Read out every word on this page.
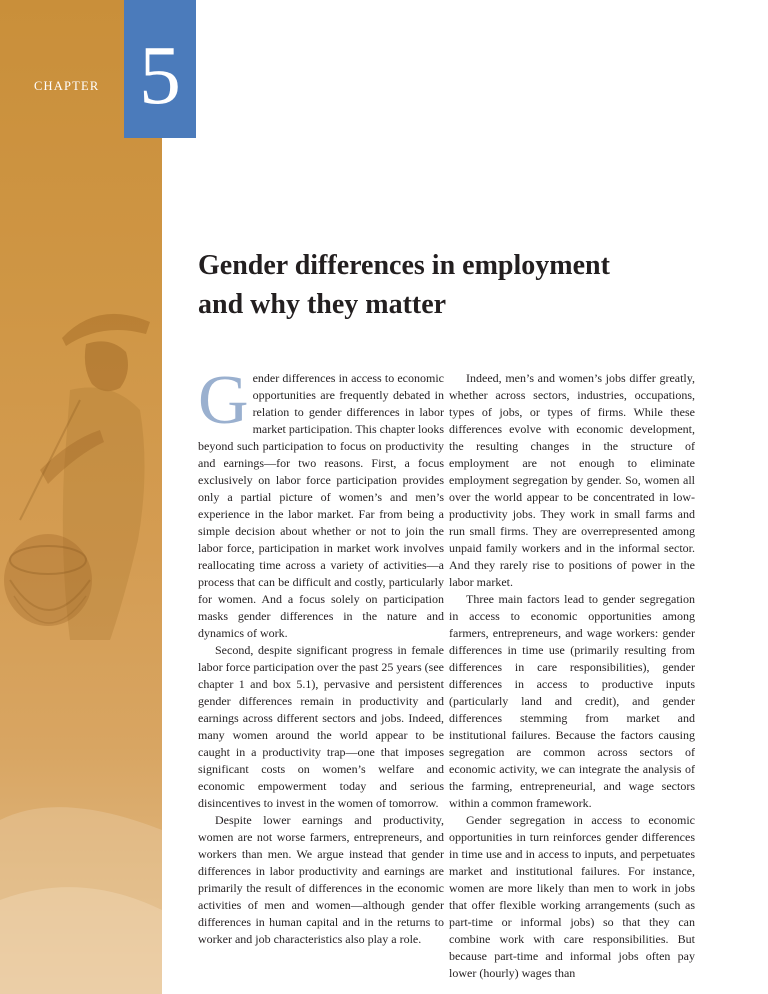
CHAPTER 5
Gender differences in employment
and why they matter

Gender differences in access to economic opportunities are frequently debated in relation to gender differences in labor market participation. This chapter looks beyond such participation to focus on productivity and earnings—for two reasons. First, a focus exclusively on labor force participation provides only a partial picture of women’s and men’s experience in the labor market. Far from being a simple decision about whether or not to join the labor force, participation in market work involves reallocating time across a variety of activities—a process that can be difficult and costly, particularly for women. And a focus solely on participation masks gender differences in the nature and dynamics of work.

Second, despite significant progress in female labor force participation over the past 25 years (see chapter 1 and box 5.1), pervasive and persistent gender differences remain in productivity and earnings across different sectors and jobs. Indeed, many women around the world appear to be caught in a productivity trap—one that imposes significant costs on women’s welfare and economic empowerment today and serious disincentives to invest in the women of tomorrow.

Despite lower earnings and productivity, women are not worse farmers, entrepreneurs, and workers than men. We argue instead that gender differences in labor productivity and earnings are primarily the result of differences in the economic activities of men and women—although gender differences in human capital and in the returns to worker and job characteristics also play a role.

Indeed, men’s and women’s jobs differ greatly, whether across sectors, industries, occupations, types of jobs, or types of firms. While these differences evolve with economic development, the resulting changes in the structure of employment are not enough to eliminate employment segregation by gender. So, women all over the world appear to be concentrated in low-productivity jobs. They work in small farms and run small firms. They are overrepresented among unpaid family workers and in the informal sector. And they rarely rise to positions of power in the labor market.

Three main factors lead to gender segregation in access to economic opportunities among farmers, entrepreneurs, and wage workers: gender differences in time use (primarily resulting from differences in care responsibilities), gender differences in access to productive inputs (particularly land and credit), and gender differences stemming from market and institutional failures. Because the factors causing segregation are common across sectors of economic activity, we can integrate the analysis of the farming, entrepreneurial, and wage sectors within a common framework.

Gender segregation in access to economic opportunities in turn reinforces gender differences in time use and in access to inputs, and perpetuates market and institutional failures. For instance, women are more likely than men to work in jobs that offer flexible working arrangements (such as part-time or informal jobs) so that they can combine work with care responsibilities. But because part-time and informal jobs often pay lower (hourly) wages than
